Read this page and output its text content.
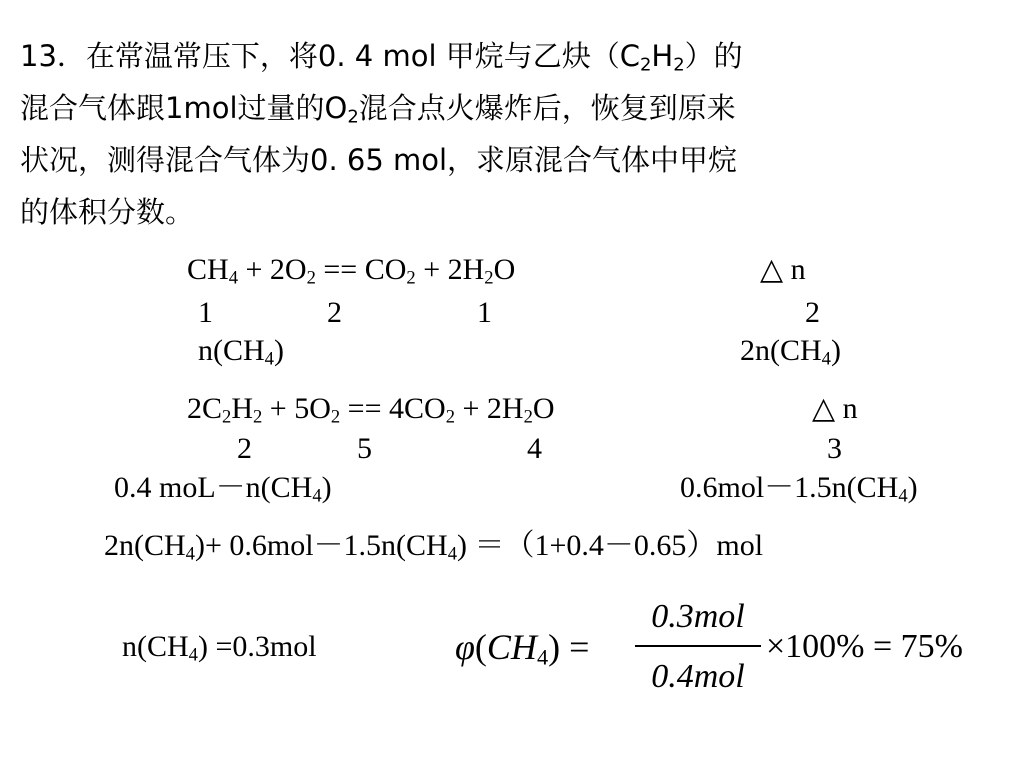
13．在常温常压下，将0. 4 mol 甲烷与乙炔$(C_2H_2)$的
混合气体跟1mol过量的$O_2$混合点火爆炸后，恢复到原来
状况，测得混合气体为0. 65 mol，求原混合气体中甲烷
的体积分数。
$CH_4 + 2O_2 == CO_2 + 2H_2O$	△ n
1	2	1	2
$n(CH_4)$	$2n(CH_4)$
$2C_2H_2 + 5O_2 == 4CO_2 + 2H_2O$	△ n
2	5	4	3
0.4 $moL-n(CH_4)$	$0.6mol-1.5n(CH_4)$
$2n(CH_4)+ 0.6mol-1.5n(CH_4) =(1+0.4-0.65)mol$
$n(CH_4) =0.3mol$	$\varphi(CH_4)$ =
0.3mol
0.4mol
×100% = 75%
